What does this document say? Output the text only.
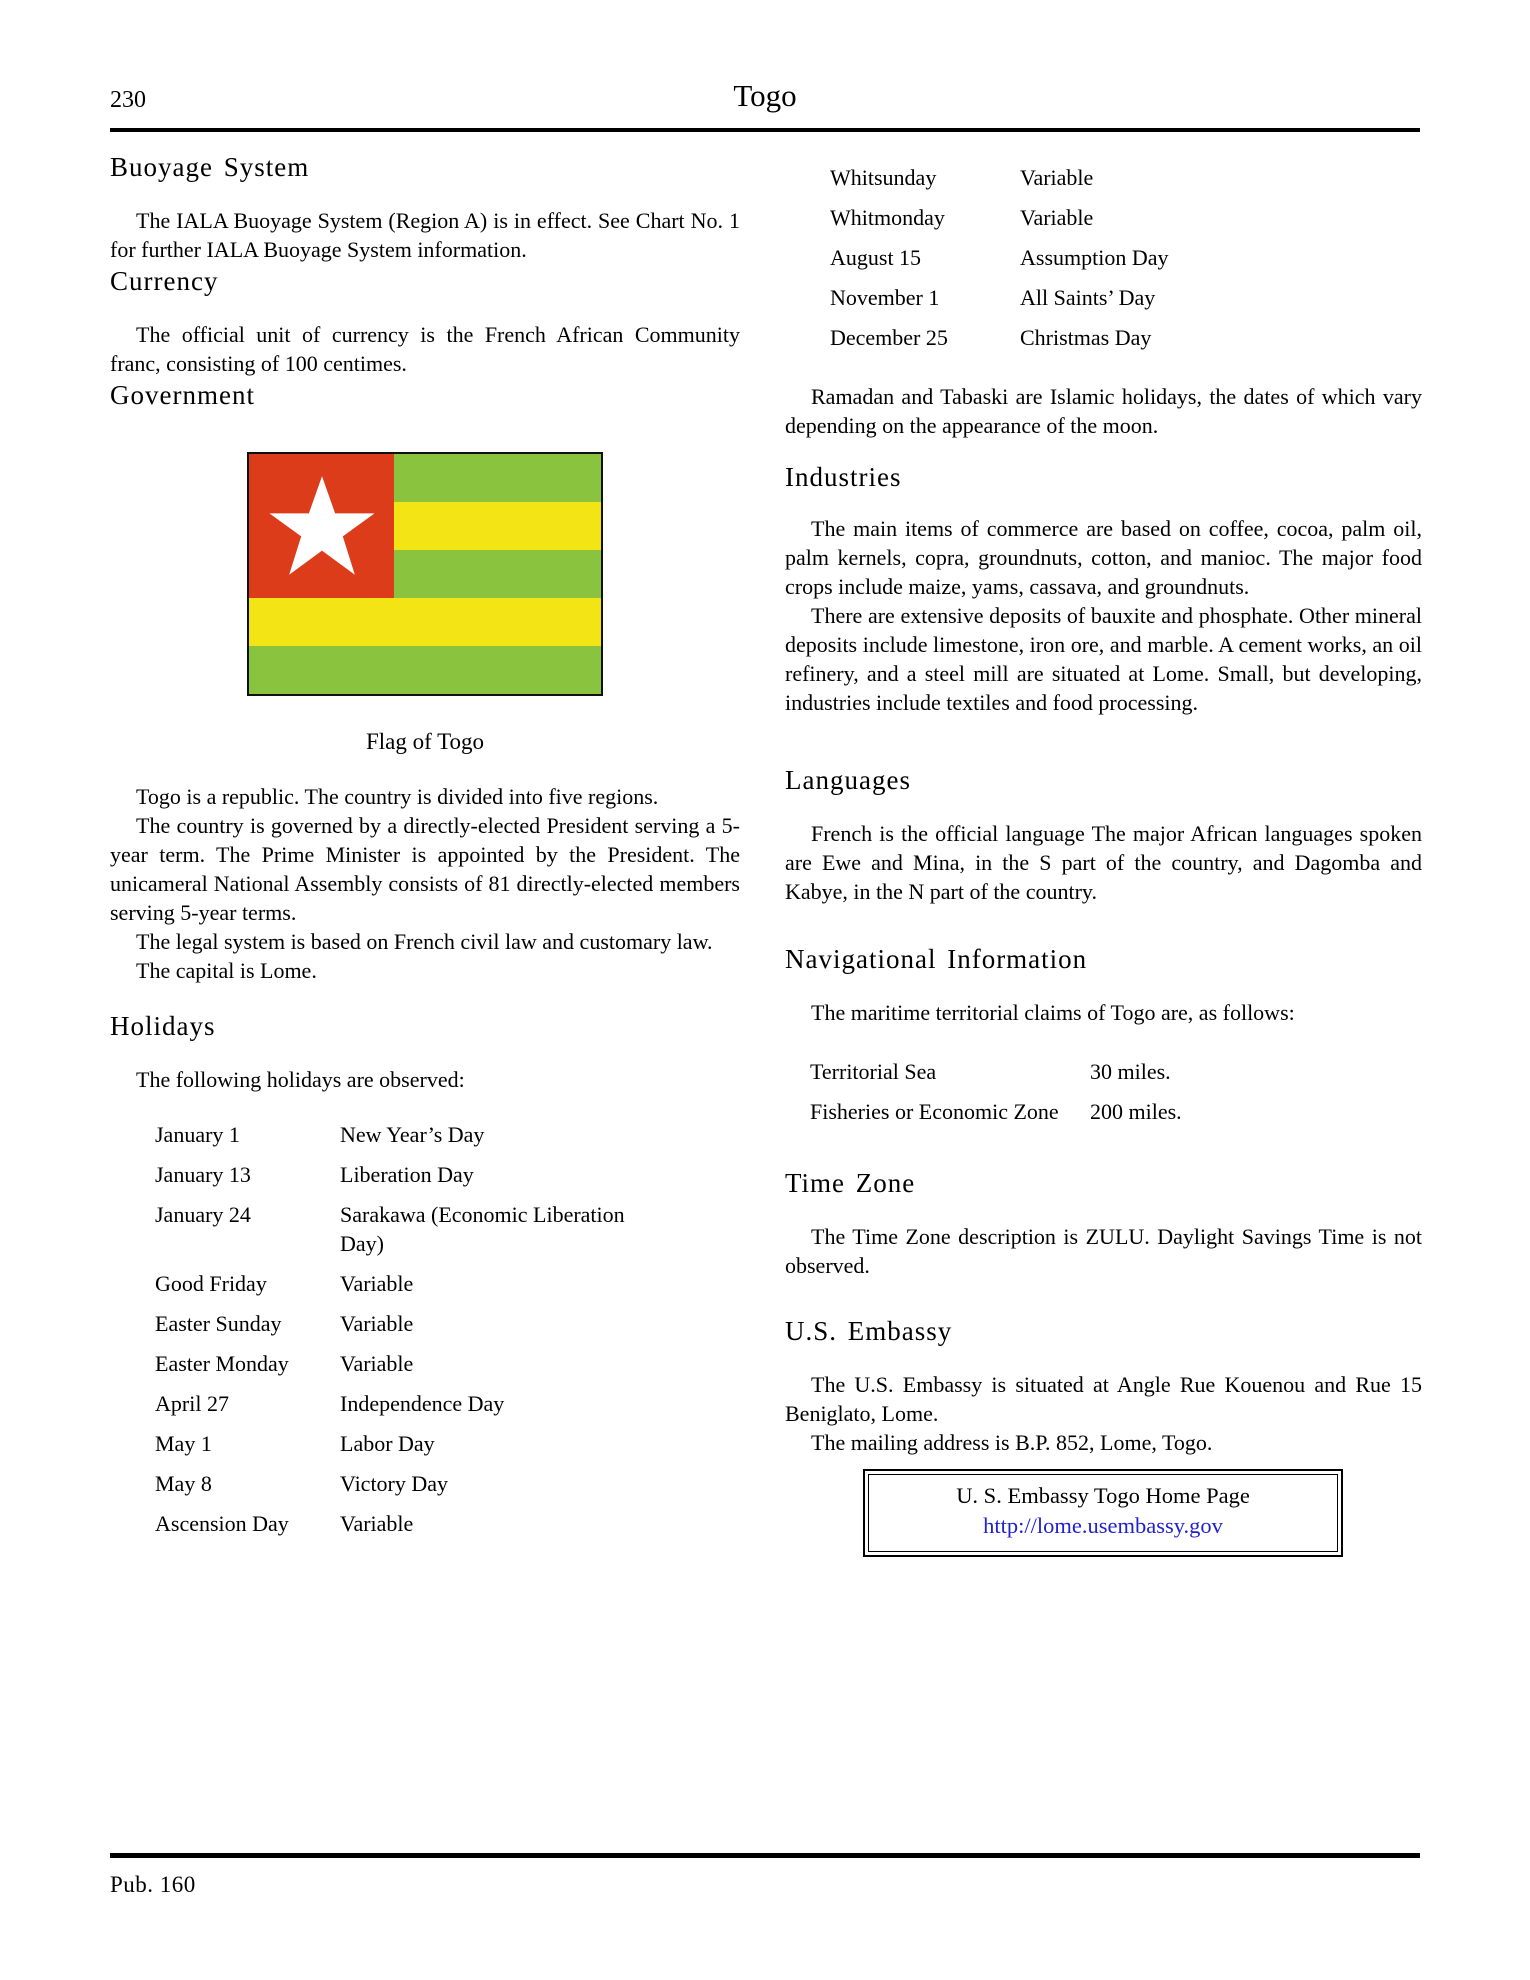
230	Togo
Buoyage System

The IALA Buoyage System (Region A) is in effect. See Chart No. 1 for further IALA Buoyage System information.

Currency

The official unit of currency is the French African Community franc, consisting of 100 centimes.

Government
Flag of Togo

Togo is a republic. The country is divided into five regions.

The country is governed by a directly-elected President serving a 5-year term. The Prime Minister is appointed by the President. The unicameral National Assembly consists of 81 directly-elected members serving 5-year terms.

The legal system is based on French civil law and customary law.

The capital is Lome.

Holidays

The following holidays are observed:

January 1	New Year’s Day
January 13	Liberation Day
January 24	Sarakawa (Economic Liberation Day)
Good Friday	Variable
Easter Sunday	Variable
Easter Monday	Variable
April 27	Independence Day
May 1	Labor Day
May 8	Victory Day
Ascension Day	Variable
Whitsunday	Variable
Whitmonday	Variable
August 15	Assumption Day
November 1	All Saints’ Day
December 25	Christmas Day

Ramadan and Tabaski are Islamic holidays, the dates of which vary depending on the appearance of the moon.

Industries

The main items of commerce are based on coffee, cocoa, palm oil, palm kernels, copra, groundnuts, cotton, and manioc. The major food crops include maize, yams, cassava, and groundnuts.

There are extensive deposits of bauxite and phosphate. Other mineral deposits include limestone, iron ore, and marble. A cement works, an oil refinery, and a steel mill are situated at Lome. Small, but developing, industries include textiles and food processing.

Languages

French is the official language The major African languages spoken are Ewe and Mina, in the S part of the country, and Dagomba and Kabye, in the N part of the country.

Navigational Information

The maritime territorial claims of Togo are, as follows:

Territorial Sea	30 miles.
Fisheries or Economic Zone 200 miles.
Time Zone

The Time Zone description is ZULU. Daylight Savings Time is not observed.

U.S. Embassy

The U.S. Embassy is situated at Angle Rue Kouenou and Rue 15 Beniglato, Lome.

The mailing address is B.P. 852, Lome, Togo.

U. S. Embassy Togo Home Page
http://lome.usembassy.gov
Pub. 160
